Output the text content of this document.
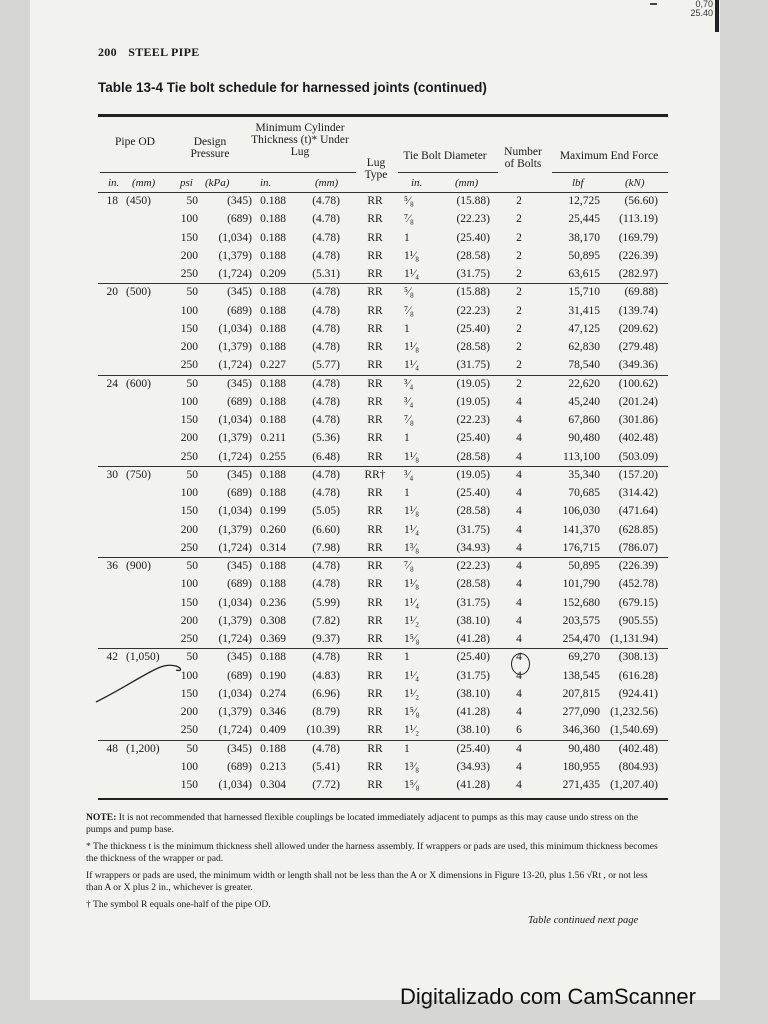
0,70
25.40
200 STEEL PIPE
Table 13-4 Tie bolt schedule for harnessed joints (continued)
Pipe OD	Design Pressure
Minimum Cylinder Thickness (t)* Under Lug
Lug Type
Tie Bolt Diameter	Number of Bolts
Maximum End Force
in. (mm) psi (kPa)	in.	(mm)	in.	(mm)	lbf	(kN)
18 (450)	50	(345) 0.188	(4.78)	RR	⁵⁄₈	(15.88)	2	12,725	(56.60)
100	(689) 0.188	(4.78)	RR	⁷⁄₈	(22.23)	2	25,445	(113.19)
150	(1,034) 0.188	(4.78)	RR	1	(25.40)	2	38,170	(169.79)
200	(1,379) 0.188	(4.78)	RR	1¹⁄₈	(28.58)	2	50,895	(226.39)
250	(1,724) 0.209	(5.31)	RR	1¹⁄₄	(31.75)	2	63,615	(282.97)
20 (500)	50	(345) 0.188	(4.78)	RR	⁵⁄₈	(15.88)	2	15,710	(69.88)
100	(689) 0.188	(4.78)	RR	⁷⁄₈	(22.23)	2	31,415	(139.74)
150	(1,034) 0.188	(4.78)	RR	1	(25.40)	2	47,125	(209.62)
200	(1,379) 0.188	(4.78)	RR	1¹⁄₈	(28.58)	2	62,830	(279.48)
250	(1,724) 0.227	(5.77)	RR	1¹⁄₄	(31.75)	2	78,540	(349.36)
24 (600)	50	(345) 0.188	(4.78)	RR	³⁄₄	(19.05)	2	22,620	(100.62)
100	(689) 0.188	(4.78)	RR	³⁄₄	(19.05)	4	45,240	(201.24)
150	(1,034) 0.188	(4.78)	RR	⁷⁄₈	(22.23)	4	67,860	(301.86)
200	(1,379) 0.211	(5.36)	RR	1	(25.40)	4	90,480	(402.48)
250	(1,724) 0.255	(6.48)	RR	1¹⁄₈	(28.58)	4	113,100	(503.09)
30 (750)	50	(345) 0.188	(4.78)	RR†	³⁄₄	(19.05)	4	35,340	(157.20)
100	(689) 0.188	(4.78)	RR	1	(25.40)	4	70,685	(314.42)
150	(1,034) 0.199	(5.05)	RR	1¹⁄₈	(28.58)	4	106,030	(471.64)
200	(1,379) 0.260	(6.60)	RR	1¹⁄₄	(31.75)	4	141,370	(628.85)
250	(1,724) 0.314	(7.98)	RR	1³⁄₈	(34.93)	4	176,715	(786.07)
36 (900)	50	(345) 0.188	(4.78)	RR	⁷⁄₈	(22.23)	4	50,895	(226.39)
100	(689) 0.188	(4.78)	RR	1¹⁄₈	(28.58)	4	101,790	(452.78)
150	(1,034) 0.236	(5.99)	RR	1¹⁄₄	(31.75)	4	152,680	(679.15)
200	(1,379) 0.308	(7.82)	RR	1¹⁄₂	(38.10)	4	203,575	(905.55)
250	(1,724) 0.369	(9.37)	RR	1⁵⁄₈	(41.28)	4	254,470 (1,131.94)
42 (1,050)	50	(345) 0.188	(4.78)	RR	1	(25.40)	4	69,270	(308.13)
100	(689) 0.190	(4.83)	RR	1¹⁄₄	(31.75)	4	138,545	(616.28)
150	(1,034) 0.274	(6.96)	RR	1¹⁄₂	(38.10)	4	207,815	(924.41)
200	(1,379) 0.346	(8.79)	RR	1⁵⁄₈	(41.28)	4	277,090 (1,232.56)
250	(1,724) 0.409 (10.39)	RR	1¹⁄₂	(38.10)	6	346,360 (1,540.69)
48 (1,200)	50	(345) 0.188	(4.78)	RR	1	(25.40)	4	90,480	(402.48)
100	(689) 0.213	(5.41)	RR	1³⁄₈	(34.93)	4	180,955	(804.93)
150	(1,034) 0.304	(7.72)	RR	1⁵⁄₈	(41.28)	4	271,435 (1,207.40)
NOTE: It is not recommended that harnessed flexible couplings be located immediately adjacent to pumps as this may cause undo stress on the pumps and pump base.
* The thickness t is the minimum thickness shell allowed under the harness assembly. If wrappers or pads are used, this minimum thickness becomes the thickness of the wrapper or pad.
If wrappers or pads are used, the minimum width or length shall not be less than the A or X dimensions in Figure 13-20, plus 1.56 √Rt , or not less than A or X plus 2 in., whichever is greater.
† The symbol R equals one-half of the pipe OD.
Table continued next page
Digitalizado com CamScanner
